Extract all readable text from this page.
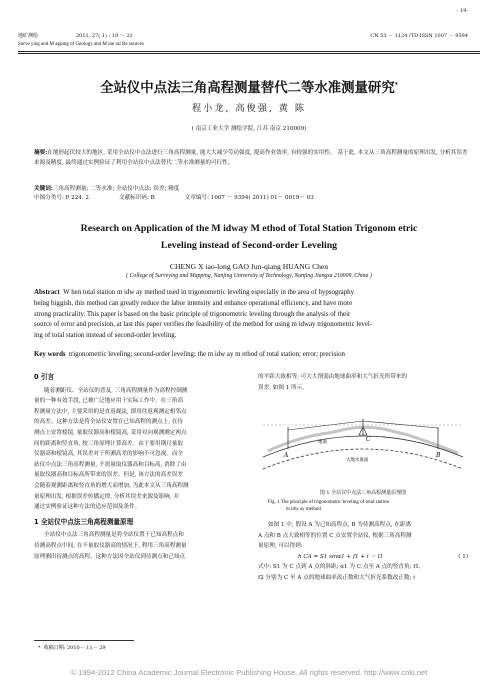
· 19·
地矿测绘	2011, 27( 1) : 19 ～ 21	CN 53 － 1124 /TD ISSN 1007 － 9394
Surve ying and M apping of Geology and M ine ral Re sources
全站仪中点法三角高程测量替代二等水准测量研究*
程小龙, 高俊强, 黄 陈
( 南京工业大学 测绘学院, 江苏 南京 210009)
摘要:在地形起伏较大的地区, 采用全站仪中点法进行三角高程测量, 能大大减少劳动强度, 提高作业效率, 有较强的实用性。 基于此, 本文从三角高程测量的原理出发, 分析其误差来源及精度, 最终通过实例验证了利用全站仪中点法替代二等水准测量的可行性。
关键词:三角高程测量; 二等水准; 全站仪中点法; 误差; 精度
中图分类号: P 224. 2	文献标识码: B	文章编号: 1007 － 9394( 2011) 01－ 0019－ 03
Research on Application of the M idway M ethod of Total Station Trigonom etric
Leveling instead of Second-order Leveling
CHENG X iao-long GAO Jun-qiang HUANG Chen
( College of Surveying and Mapping, Nanjing University of Technology, Nanjing Jiangsu 210009, China )
Abstract W hen total station m idw ay method used in trigonometric leveling especially in the area of hypsography
being biggish, this method can greatly reduce the labor intensity and enhance operational efficiency, and have more
strong practicality. This paper is based on the basic principle of trigonometric leveling through the analysis of their
source of error and precision, at last this paper verifies the feasibility of the method for using m idway trigonometric level-
ing of total station instead of second-order leveling.
Key words trigonometric leveling; second-order leveling; the m idw ay m ethod of total station; error; precision
0 引言
随着测距仪、全站仪的普及, 三角高程测量作为高程控制测
量的一种有效手段, 已被广泛地应用于实际工作中。在三角高
程测量方法中, 主要采用的是直返觇法, 即用往返观测定相邻点
的高差。这种方法是将全站仪安置在已知高程的测点上, 在待
测点上安置棱镜, 量取仪器高和棱镜高, 采用对向观测测定两点
间的距离和竖直角, 按三角原理计算高差。由于要用钢尺量取
仪器高和棱镜高, 其误差对于所测高差的影响不可忽视。而全
站仪中点法三角高程测量, 不需量取仪器高和目标高, 消除了由
量取仪器高和目标高所带来的误差。但是, 该方法的高差误差
会随着观测距离和竖直角的增大而增加, 为此本文从三角高程测
量原理出发, 根据误差传播定律, 分析其误差来源及影响, 并
通过实例验证这种方法的适应范围及条件。
1 全站仪中点法三角高程测量原理
全站仪中点法三角高程测量是将全站仪置于已知高程点和
待测高程点中间, 在不量取仪器高的情况下, 利用三角高程测量
原理测出待测点的高程。这种方法因全站仪到待测点和已知点
* 收稿日期: 2010－ 11－ 29
的平距大致相等, 可大大削弱由地球曲率和大气折光所带来的
误差, 如图 1 所示。
A	B
C
地面
大地水准面
图 1 全站仪中点法三角高程测量原理图
Fig. 1 The principle of trigonometric leveling of total station
m idw ay method
如图 1 中, 假设 A 为已知高程点, B 为待测高程点, 在距离
A 点和 B 点大致相等的位置 C 点安置全站仪, 根据三角高程测
量原理, 可以得到:
h CA = S1 sinα1 + f1 + i － l1	( 1)
式中: S1 为 C 点到 A 点的斜距; α1 为 C 点至 A 点的竖直角; f1、
f2 分别为 C 至 A 点的地球曲率改正数和大气折光系数改正数; i
© 1994-2012 China Academic Journal Electronic Publishing House. All rights reserved. http://www.cnki.net
